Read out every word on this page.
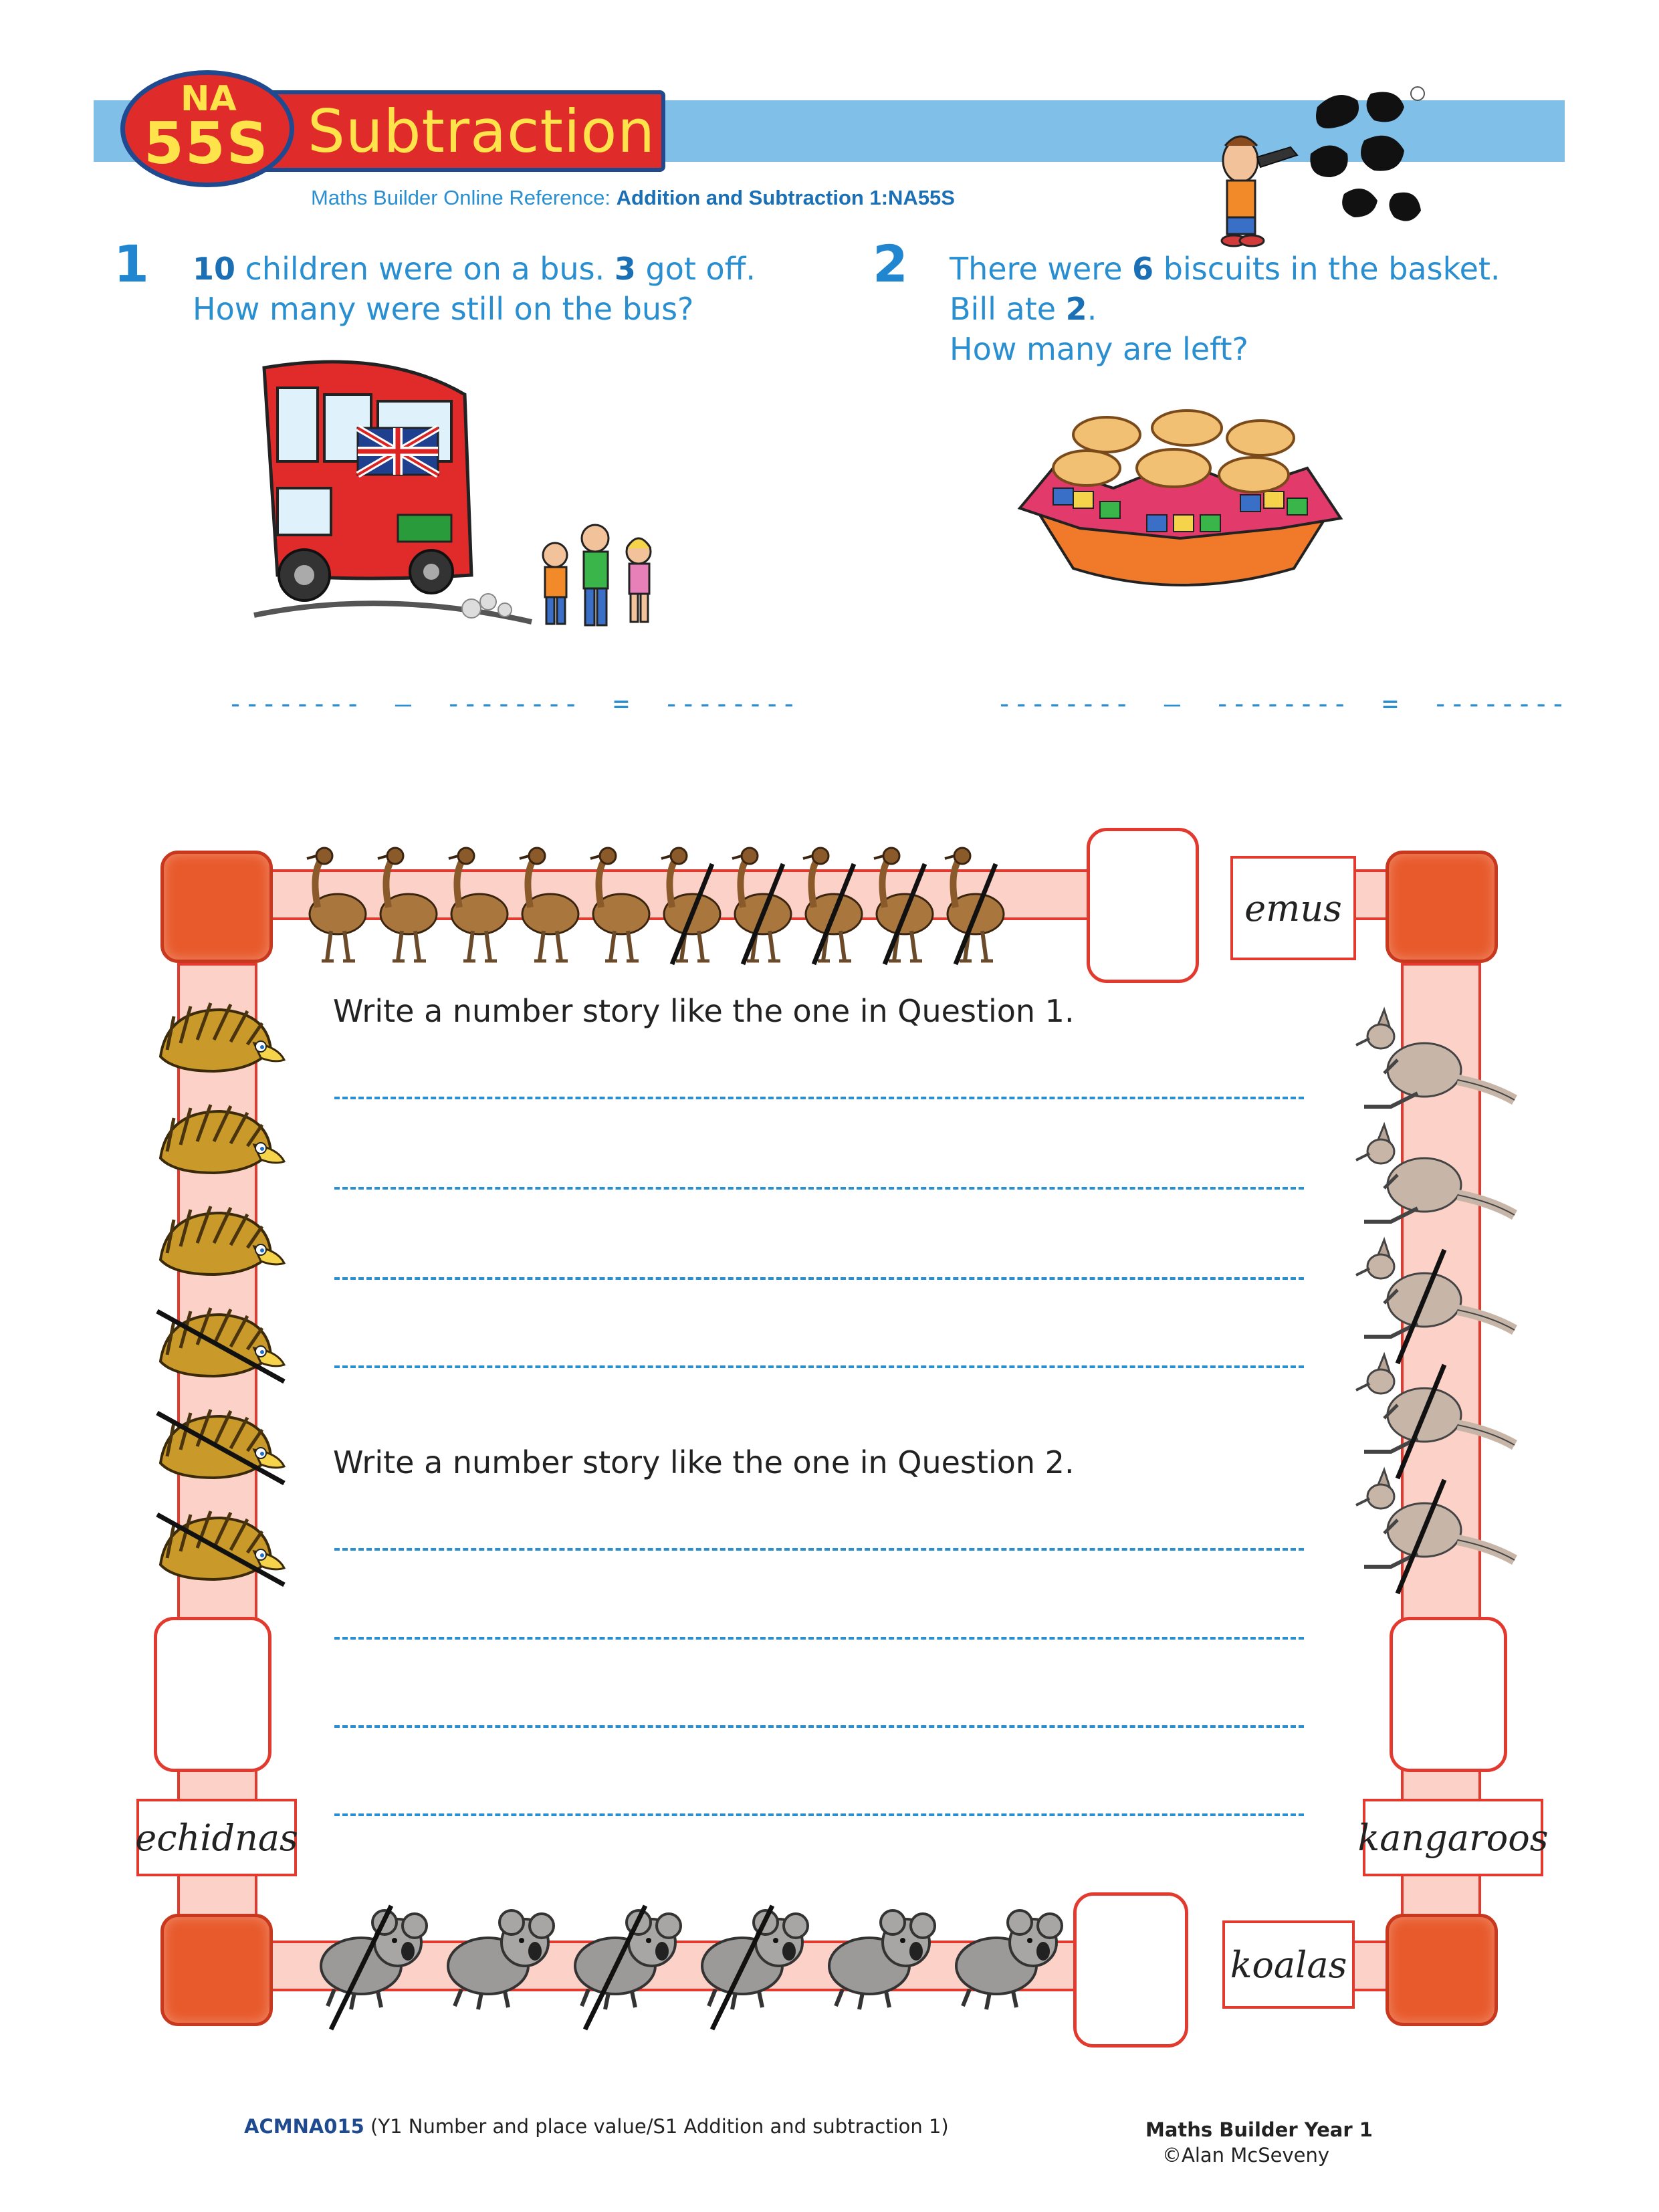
Subtraction
NA
55S
Maths Builder Online Reference: Addition and Subtraction 1:NA55S
1 10 children were on a bus. 3 got off.
How many were still on the bus?
--------  –  --------  =  --------
2 There were 6 biscuits in the basket.
Bill ate 2.
How many are left?
--------  –  --------  =  --------
emus
echidnas	kangaroos
koalas
Write a number story like the one in Question 1.
Write a number story like the one in Question 2.
ACMNA015 (Y1 Number and place value/S1 Addition and subtraction 1)	Maths Builder Year 1
©Alan McSeveny
